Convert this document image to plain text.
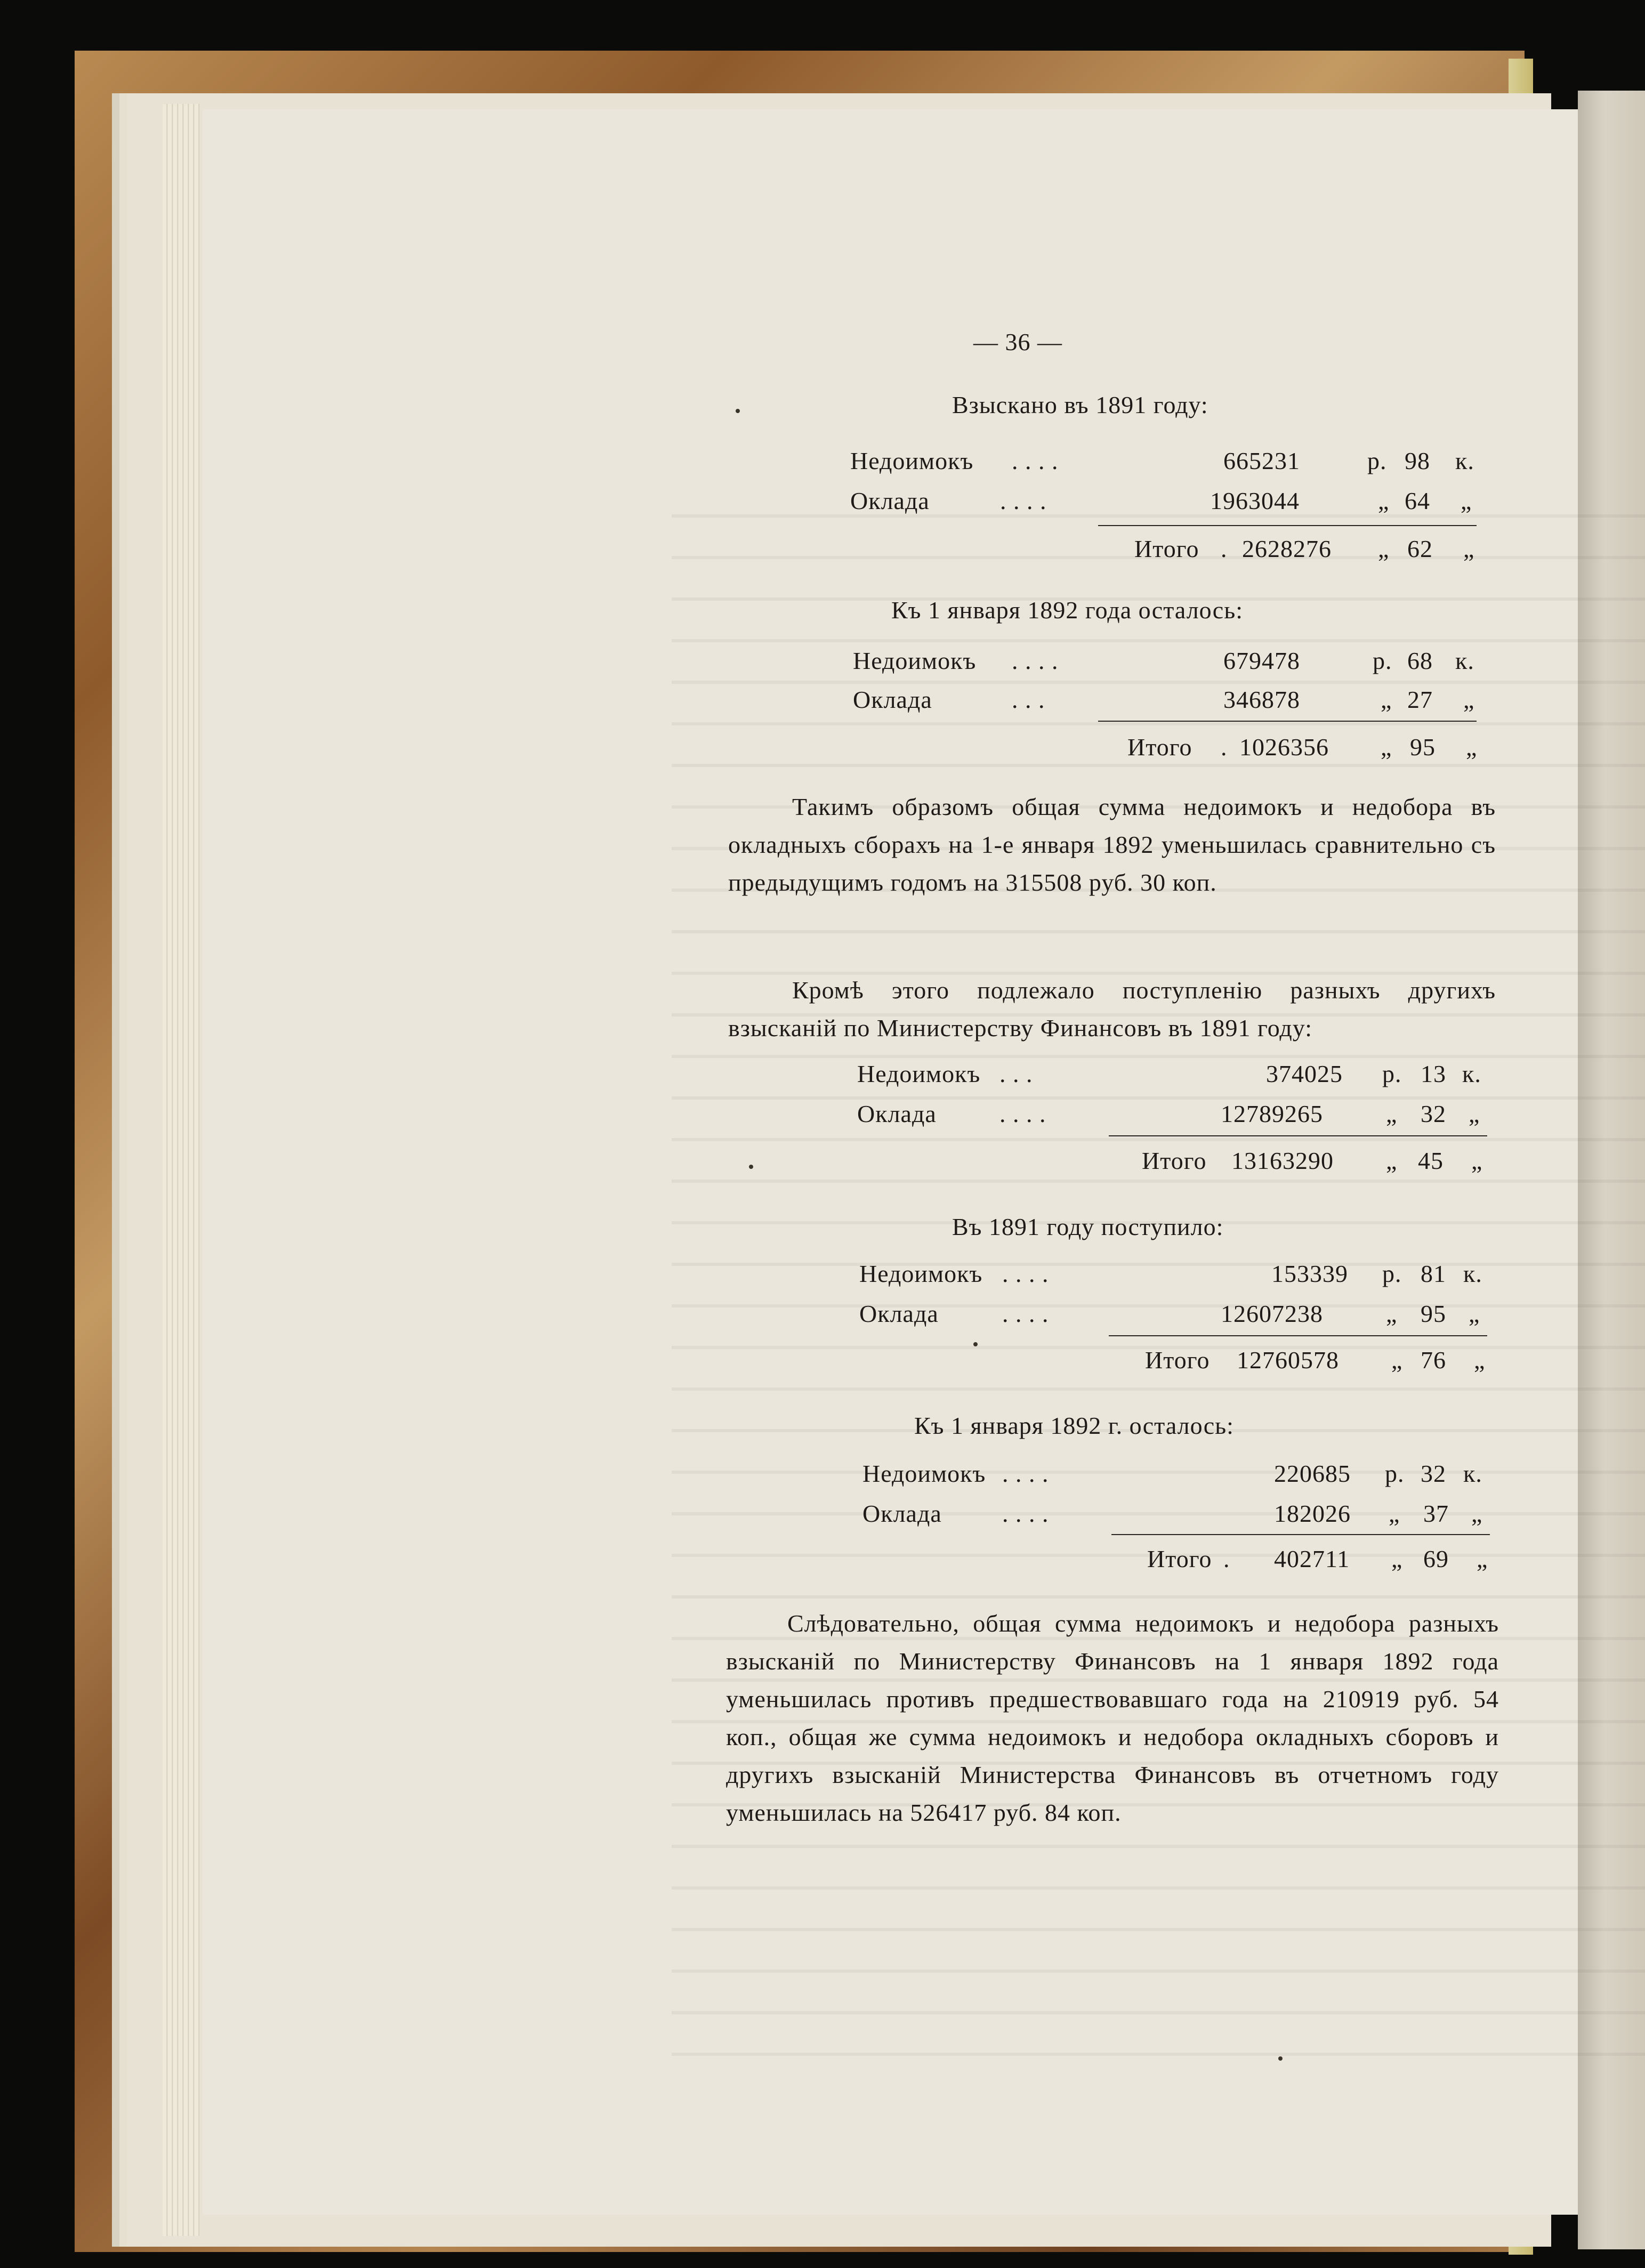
— 36 —
Взыскано въ 1891 году:
Недоимокъ . . . .	665231	р. 98 к.
Оклада	. . . .	1963044	„ 64 „
Итого . 2628276 „ 62 „
Къ 1 января 1892 года осталось:
Недоимокъ . . . .	679478	р. 68 к.
Оклада	. . .	346878	„ 27 „
Итого . 1026356 „ 95 „
Такимъ образомъ общая сумма недоимокъ и недобора въ окладныхъ сборахъ на 1-е января 1892 уменьшилась сравнительно съ предыдущимъ годомъ на 315508 руб. 30 коп.
Кромѣ этого подлежало поступленію разныхъ другихъ взысканій по Министерству Финансовъ въ 1891 году:
Недоимокъ . . .	374025 р. 13 к.
Оклада	. . . .	12789265	„ 32 „
Итого 13163290 „ 45 „
Въ 1891 году поступило:
Недоимокъ . . . .	153339 р. 81 к.
Оклада	. . . .	12607238	„ 95 „
Итого 12760578 „ 76 „
Къ 1 января 1892 г. осталось:
Недоимокъ . . . .	220685 р. 32 к.
Оклада . . . .	182026 „ 37 „
Итого . 402711 „ 69 „
Слѣдовательно, общая сумма недоимокъ и недобора разныхъ взысканій по Министерству Финансовъ на 1 января 1892 года уменьшилась противъ предшествовавшаго года на 210919 руб. 54 коп., общая же сумма недоимокъ и недобора окладныхъ сборовъ и другихъ взысканій Министерства Финансовъ въ отчетномъ году уменьшилась на 526417 руб. 84 коп.
